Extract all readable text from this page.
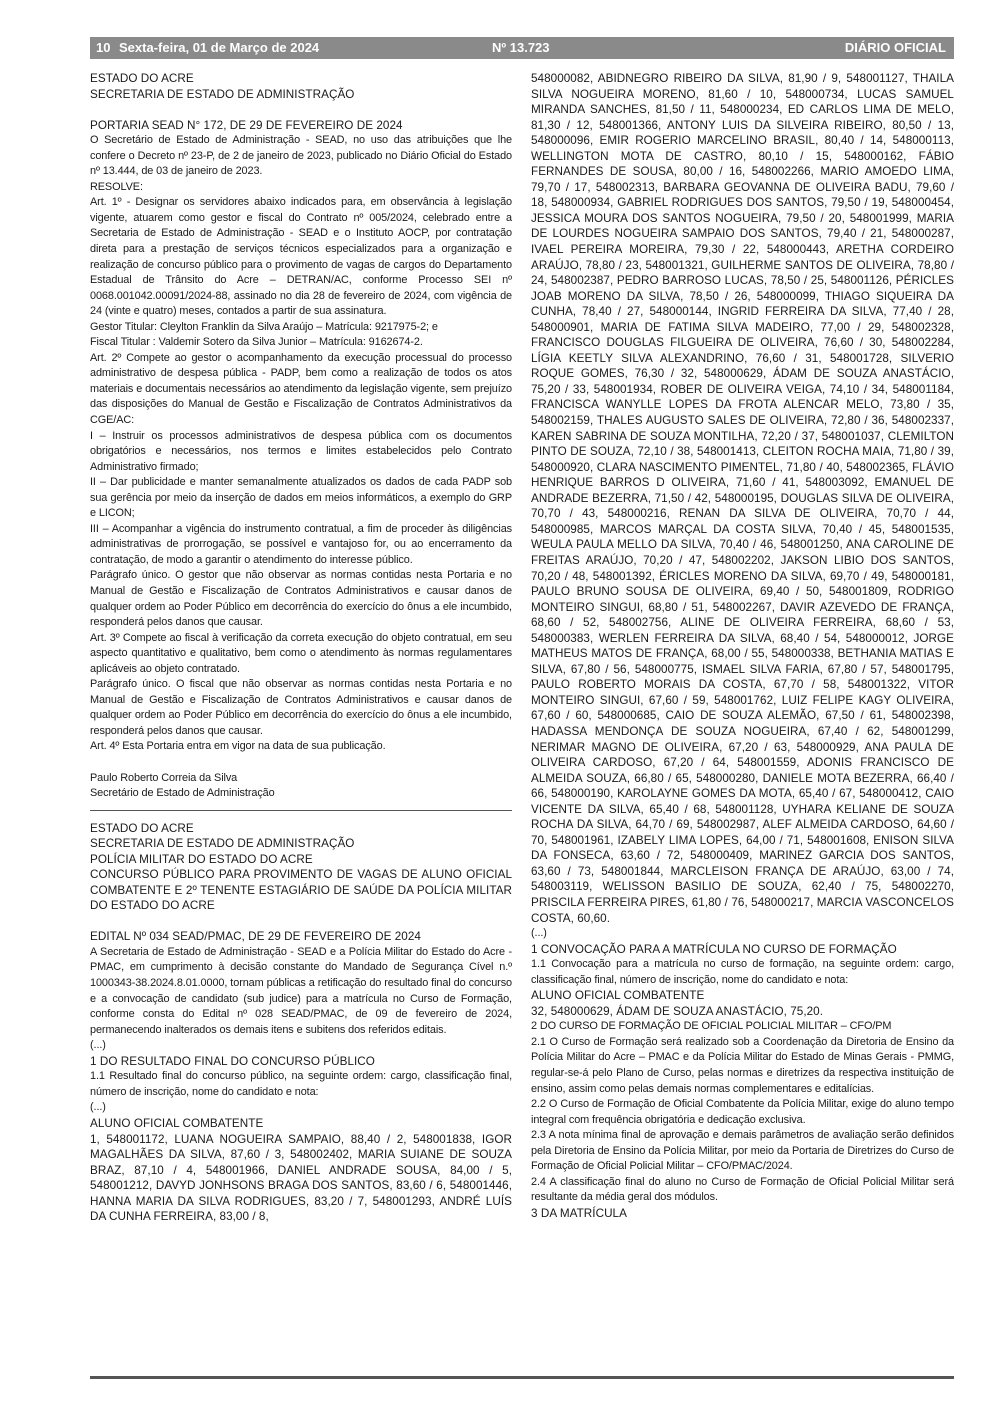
10 Sexta-feira, 01 de Março de 2024	Nº 13.723	DIÁRIO OFICIAL

ESTADO DO ACRE

SECRETARIA DE ESTADO DE ADMINISTRAÇÃO

PORTARIA SEAD N° 172, DE 29 DE FEVEREIRO DE 2024

O Secretário de Estado de Administração - SEAD, no uso das atribuições que lhe confere o Decreto nº 23-P, de 2 de janeiro de 2023, publicado no Diário Oficial do Estado nº 13.444, de 03 de janeiro de 2023.

RESOLVE:

Art. 1º - Designar os servidores abaixo indicados para, em observância à legislação vigente, atuarem como gestor e fiscal do Contrato nº 005/2024, celebrado entre a Secretaria de Estado de Administração - SEAD e o Instituto AOCP, por contratação direta para a prestação de serviços técnicos especializados para a organização e realização de concurso público para o provimento de vagas de cargos do Departamento Estadual de Trânsito do Acre – DETRAN/AC, conforme Processo SEI nº 0068.001042.00091/2024-88, assinado no dia 28 de fevereiro de 2024, com vigência de 24 (vinte e quatro) meses, contados a partir de sua assinatura.

Gestor Titular: Cleylton Franklin da Silva Araújo – Matrícula: 9217975-2; e

Fiscal Titular : Valdemir Sotero da Silva Junior – Matrícula: 9162674-2.

Art. 2º Compete ao gestor o acompanhamento da execução processual do processo administrativo de despesa pública - PADP, bem como a realização de todos os atos materiais e documentais necessários ao atendimento da legislação vigente, sem prejuízo das disposições do Manual de Gestão e Fiscalização de Contratos Administrativos da CGE/AC:

I – Instruir os processos administrativos de despesa pública com os documentos obrigatórios e necessários, nos termos e limites estabelecidos pelo Contrato Administrativo firmado;

II – Dar publicidade e manter semanalmente atualizados os dados de cada PADP sob sua gerência por meio da inserção de dados em meios informáticos, a exemplo do GRP e LICON;

III – Acompanhar a vigência do instrumento contratual, a fim de proceder às diligências administrativas de prorrogação, se possível e vantajoso for, ou ao encerramento da contratação, de modo a garantir o atendimento do interesse público.

Parágrafo único. O gestor que não observar as normas contidas nesta Portaria e no Manual de Gestão e Fiscalização de Contratos Administrativos e causar danos de qualquer ordem ao Poder Público em decorrência do exercício do ônus a ele incumbido, responderá pelos danos que causar.

Art. 3º Compete ao fiscal à verificação da correta execução do objeto contratual, em seu aspecto quantitativo e qualitativo, bem como o atendimento às normas regulamentares aplicáveis ao objeto contratado.

Parágrafo único. O fiscal que não observar as normas contidas nesta Portaria e no Manual de Gestão e Fiscalização de Contratos Administrativos e causar danos de qualquer ordem ao Poder Público em decorrência do exercício do ônus a ele incumbido, responderá pelos danos que causar.

Art. 4º Esta Portaria entra em vigor na data de sua publicação.

Paulo Roberto Correia da Silva

Secretário de Estado de Administração

ESTADO DO ACRE

SECRETARIA DE ESTADO DE ADMINISTRAÇÃO

POLÍCIA MILITAR DO ESTADO DO ACRE

CONCURSO PÚBLICO PARA PROVIMENTO DE VAGAS DE ALUNO OFICIAL COMBATENTE E 2º TENENTE ESTAGIÁRIO DE SAÚDE DA POLÍCIA MILITAR DO ESTADO DO ACRE

EDITAL Nº 034 SEAD/PMAC, DE 29 DE FEVEREIRO DE 2024

A Secretaria de Estado de Administração - SEAD e a Polícia Militar do Estado do Acre - PMAC, em cumprimento à decisão constante do Mandado de Segurança Cível n.º 1000343-38.2024.8.01.0000, tornam públicas a retificação do resultado final do concurso e a convocação de candidato (sub judice) para a matrícula no Curso de Formação, conforme consta do Edital nº 028 SEAD/PMAC, de 09 de fevereiro de 2024, permanecendo inalterados os demais itens e subitens dos referidos editais.

(...)

1 DO RESULTADO FINAL DO CONCURSO PÚBLICO

1.1 Resultado final do concurso público, na seguinte ordem: cargo, classificação final, número de inscrição, nome do candidato e nota:

(...)

ALUNO OFICIAL COMBATENTE

1, 548001172, LUANA NOGUEIRA SAMPAIO, 88,40 / 2, 548001838, IGOR MAGALHÃES DA SILVA, 87,60 / 3, 548002402, MARIA SUIANE DE SOUZA BRAZ, 87,10 / 4, 548001966, DANIEL ANDRADE SOUSA, 84,00 / 5, 548001212, DAVYD JONHSONS BRAGA DOS SANTOS, 83,60 / 6, 548001446, HANNA MARIA DA SILVA RODRIGUES, 83,20 / 7, 548001293, ANDRÉ LUÍS DA CUNHA FERREIRA, 83,00 / 8,

548000082, ABIDNEGRO RIBEIRO DA SILVA, 81,90 / 9, 548001127, THAILA SILVA NOGUEIRA MORENO, 81,60 / 10, 548000734, LUCAS SAMUEL MIRANDA SANCHES, 81,50 / 11, 548000234, ED CARLOS LIMA DE MELO, 81,30 / 12, 548001366, ANTONY LUIS DA SILVEIRA RIBEIRO, 80,50 / 13, 548000096, EMIR ROGERIO MARCELINO BRASIL, 80,40 / 14, 548000113, WELLINGTON MOTA DE CASTRO, 80,10 / 15, 548000162, FÁBIO FERNANDES DE SOUSA, 80,00 / 16, 548002266, MARIO AMOEDO LIMA, 79,70 / 17, 548002313, BARBARA GEOVANNA DE OLIVEIRA BADU, 79,60 / 18, 548000934, GABRIEL RODRIGUES DOS SANTOS, 79,50 / 19, 548000454, JESSICA MOURA DOS SANTOS NOGUEIRA, 79,50 / 20, 548001999, MARIA DE LOURDES NOGUEIRA SAMPAIO DOS SANTOS, 79,40 / 21, 548000287, IVAEL PEREIRA MOREIRA, 79,30 / 22, 548000443, ARETHA CORDEIRO ARAÚJO, 78,80 / 23, 548001321, GUILHERME SANTOS DE OLIVEIRA, 78,80 / 24, 548002387, PEDRO BARROSO LUCAS, 78,50 / 25, 548001126, PÉRICLES JOAB MORENO DA SILVA, 78,50 / 26, 548000099, THIAGO SIQUEIRA DA CUNHA, 78,40 / 27, 548000144, INGRID FERREIRA DA SILVA, 77,40 / 28, 548000901, MARIA DE FATIMA SILVA MADEIRO, 77,00 / 29, 548002328, FRANCISCO DOUGLAS FILGUEIRA DE OLIVEIRA, 76,60 / 30, 548002284, LÍGIA KEETLY SILVA ALEXANDRINO, 76,60 / 31, 548001728, SILVERIO ROQUE GOMES, 76,30 / 32, 548000629, ÁDAM DE SOUZA ANASTÁCIO, 75,20 / 33, 548001934, ROBER DE OLIVEIRA VEIGA, 74,10 / 34, 548001184, FRANCISCA WANYLLE LOPES DA FROTA ALENCAR MELO, 73,80 / 35, 548002159, THALES AUGUSTO SALES DE OLIVEIRA, 72,80 / 36, 548002337, KAREN SABRINA DE SOUZA MONTILHA, 72,20 / 37, 548001037, CLEMILTON PINTO DE SOUZA, 72,10 / 38, 548001413, CLEITON ROCHA MAIA, 71,80 / 39, 548000920, CLARA NASCIMENTO PIMENTEL, 71,80 / 40, 548002365, FLÁVIO HENRIQUE BARROS D OLIVEIRA, 71,60 / 41, 548003092, EMANUEL DE ANDRADE BEZERRA, 71,50 / 42, 548000195, DOUGLAS SILVA DE OLIVEIRA, 70,70 / 43, 548000216, RENAN DA SILVA DE OLIVEIRA, 70,70 / 44, 548000985, MARCOS MARÇAL DA COSTA SILVA, 70,40 / 45, 548001535, WEULA PAULA MELLO DA SILVA, 70,40 / 46, 548001250, ANA CAROLINE DE FREITAS ARAÚJO, 70,20 / 47, 548002202, JAKSON LIBIO DOS SANTOS, 70,20 / 48, 548001392, ÉRICLES MORENO DA SILVA, 69,70 / 49, 548000181, PAULO BRUNO SOUSA DE OLIVEIRA, 69,40 / 50, 548001809, RODRIGO MONTEIRO SINGUI, 68,80 / 51, 548002267, DAVIR AZEVEDO DE FRANÇA, 68,60 / 52, 548002756, ALINE DE OLIVEIRA FERREIRA, 68,60 / 53, 548000383, WERLEN FERREIRA DA SILVA, 68,40 / 54, 548000012, JORGE MATHEUS MATOS DE FRANÇA, 68,00 / 55, 548000338, BETHANIA MATIAS E SILVA, 67,80 / 56, 548000775, ISMAEL SILVA FARIA, 67,80 / 57, 548001795, PAULO ROBERTO MORAIS DA COSTA, 67,70 / 58, 548001322, VITOR MONTEIRO SINGUI, 67,60 / 59, 548001762, LUIZ FELIPE KAGY OLIVEIRA, 67,60 / 60, 548000685, CAIO DE SOUZA ALEMÃO, 67,50 / 61, 548002398, HADASSA MENDONÇA DE SOUZA NOGUEIRA, 67,40 / 62, 548001299, NERIMAR MAGNO DE OLIVEIRA, 67,20 / 63, 548000929, ANA PAULA DE OLIVEIRA CARDOSO, 67,20 / 64, 548001559, ADONIS FRANCISCO DE ALMEIDA SOUZA, 66,80 / 65, 548000280, DANIELE MOTA BEZERRA, 66,40 / 66, 548000190, KAROLAYNE GOMES DA MOTA, 65,40 / 67, 548000412, CAIO VICENTE DA SILVA, 65,40 / 68, 548001128, UYHARA KELIANE DE SOUZA ROCHA DA SILVA, 64,70 / 69, 548002987, ALEF ALMEIDA CARDOSO, 64,60 / 70, 548001961, IZABELY LIMA LOPES, 64,00 / 71, 548001608, ENISON SILVA DA FONSECA, 63,60 / 72, 548000409, MARINEZ GARCIA DOS SANTOS, 63,60 / 73, 548001844, MARCLEISON FRANÇA DE ARAÚJO, 63,00 / 74, 548003119, WELISSON BASILIO DE SOUZA, 62,40 / 75, 548002270, PRISCILA FERREIRA PIRES, 61,80 / 76, 548000217, MARCIA VASCONCELOS COSTA, 60,60.

(...)

1 CONVOCAÇÃO PARA A MATRÍCULA NO CURSO DE FORMAÇÃO

1.1 Convocação para a matrícula no curso de formação, na seguinte ordem: cargo, classificação final, número de inscrição, nome do candidato e nota:

ALUNO OFICIAL COMBATENTE

32, 548000629, ÁDAM DE SOUZA ANASTÁCIO, 75,20.

2 DO CURSO DE FORMAÇÃO DE OFICIAL POLICIAL MILITAR – CFO/PM

2.1 O Curso de Formação será realizado sob a Coordenação da Diretoria de Ensino da Polícia Militar do Acre – PMAC e da Polícia Militar do Estado de Minas Gerais - PMMG, regular-se-á pelo Plano de Curso, pelas normas e diretrizes da respectiva instituição de ensino, assim como pelas demais normas complementares e editalícias.

2.2 O Curso de Formação de Oficial Combatente da Polícia Militar, exige do aluno tempo integral com frequência obrigatória e dedicação exclusiva.

2.3 A nota mínima final de aprovação e demais parâmetros de avaliação serão definidos pela Diretoria de Ensino da Polícia Militar, por meio da Portaria de Diretrizes do Curso de Formação de Oficial Policial Militar – CFO/PMAC/2024.

2.4 A classificação final do aluno no Curso de Formação de Oficial Policial Militar será resultante da média geral dos módulos.

3 DA MATRÍCULA
